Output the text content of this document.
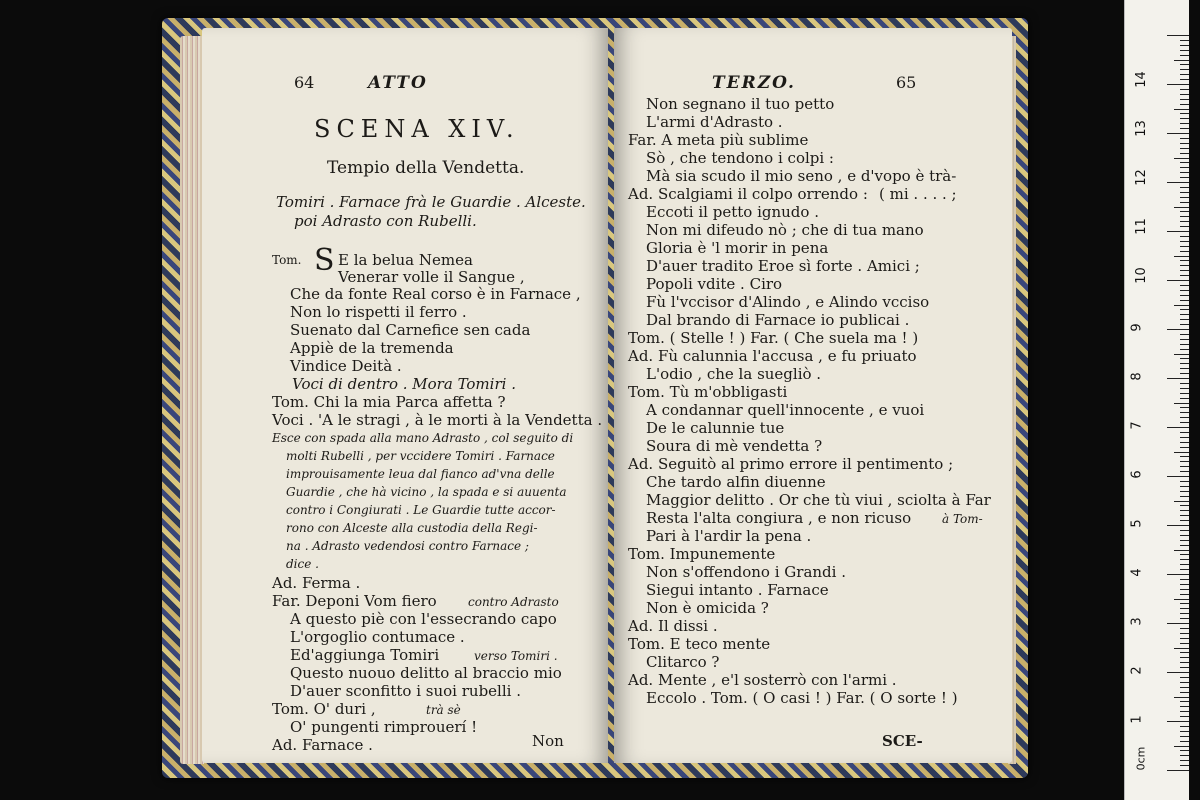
64	ATTO
SCENA XIV.
Tempio della Vendetta.
Tomiri . Farnace frà le Guardie . Alceste.
poi Adrasto con Rubelli.
Tom. S E la belua Nemea
Venerar volle il Sangue ,
Che da fonte Real corso è in Farnace ,
Non lo rispetti il ferro .
Suenato dal Carnefice sen cada
Appiè de la tremenda
Vindice Deità .
Voci di dentro . Mora Tomiri .
Tom. Chi la mia Parca affetta ?
Voci . 'A le stragi , à le morti à la Vendetta .
Esce con spada alla mano Adrasto , col seguito di
molti Rubelli , per vccidere Tomiri . Farnace
improuisamente leua dal fianco ad'vna delle
Guardie , che hà vicino , la spada e si auuenta
contro i Congiurati . Le Guardie tutte accor-
rono con Alceste alla custodia della Regi-
na . Adrasto vedendosi contro Farnace ;
dice .
Ad. Ferma .
Far. Deponi Vom fiero	contro Adrasto
A questo piè con l'essecrando capo
L'orgoglio contumace .
Ed'aggiunga Tomiri	verso Tomiri .
Questo nuouo delitto al braccio mio
D'auer sconfitto i suoi rubelli .
Tom. O' duri ,	trà sè
O' pungenti rimprouerí !
Ad. Farnace .	Non
TERZO.	65
Non segnano il tuo petto
L'armi d'Adrasto .
Far. A meta più sublime
Sò , che tendono i colpi :
Mà sia scudo il mio seno , e d'vopo è trà-
Ad. Scalgiami il colpo orrendo : ( mi . . . . ;
Eccoti il petto ignudo .
Non mi difeudo nò ; che di tua mano
Gloria è 'l morir in pena
D'auer tradito Eroe sì forte . Amici ;
Popoli vdite . Ciro
Fù l'vccisor d'Alindo , e Alindo vcciso
Dal brando di Farnace io publicai .
Tom. ( Stelle ! ) Far. ( Che suela ma ! )
Ad. Fù calunnia l'accusa , e fu priuato
L'odio , che la suegliò .
Tom. Tù m'obbligasti
A condannar quell'innocente , e vuoi
De le calunnie tue
Soura di mè vendetta ?
Ad. Seguitò al primo errore il pentimento ;
Che tardo alfin diuenne
Maggior delitto . Or che tù viui , sciolta à Far
Resta l'alta congiura , e non ricuso	à Tom-
Pari à l'ardir la pena .
Tom. Impunemente
Non s'offendono i Grandi .
Siegui intanto . Farnace
Non è omicida ?
Ad. Il dissi .
Tom. E teco mente
Clitarco ?
Ad. Mente , e'l sosterrò con l'armi .
Eccolo . Tom. ( O casi ! ) Far. ( O sorte ! )
SCE-
0cm
1
2
3
4
5
6
7
8
9
10
11
12
13
14
